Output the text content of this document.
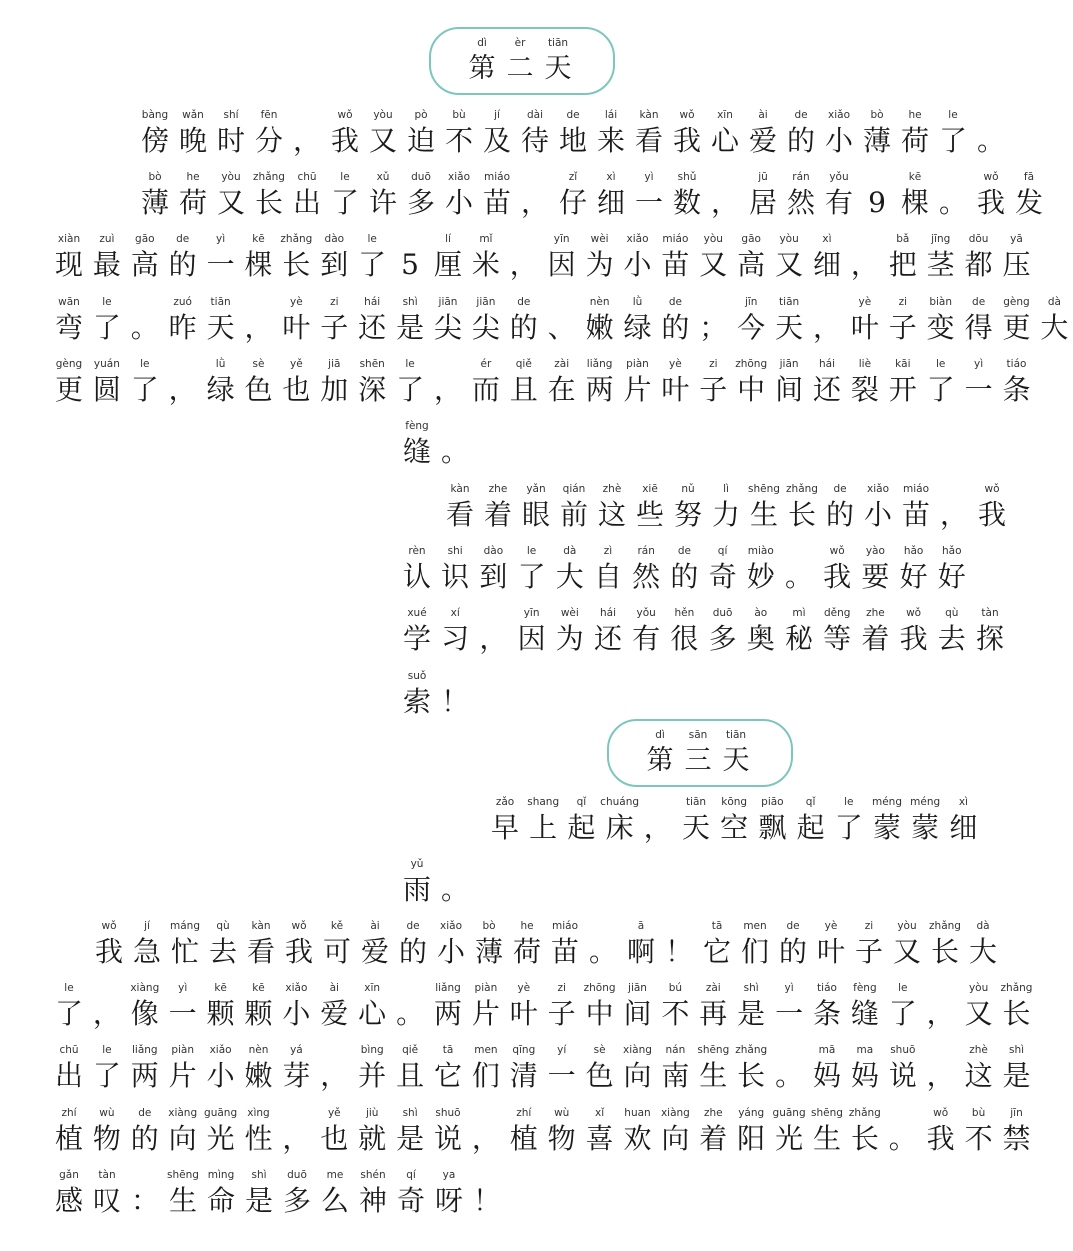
dì
第
èr
二
tiān
天
bàng
傍
wǎn
晚
shí
时
fēn
分 ，
wǒ
我
yòu
又
pò
迫
bù
不
jí
及
dài
待
de
地
lái
来
kàn
看
wǒ
我
xīn
心
ài
爱
de
的
xiǎo
小
bò
薄
he
荷
le
了 。
bò
薄
he
荷
yòu
又
zhǎng
长
chū
出
le
了
xǔ
许
duō
多
xiǎo
小
miáo
苗 ，
zǐ
仔
xì
细
yì
一
shǔ
数 ，
jū
居
rán
然
yǒu
有 9
kē
棵 。
wǒ
我
fā
发
xiàn
现
zuì
最
gāo
高
de
的
yì
一
kē
棵
zhǎng
长
dào
到
le
了 5
lí
厘
mǐ
米 ，
yīn
因
wèi
为
xiǎo
小
miáo
苗
yòu
又
gāo
高
yòu
又
xì
细 ，
bǎ
把
jīng
茎
dōu
都
yā
压
wān
弯
le
了 。
zuó
昨
tiān
天 ，
yè
叶
zi
子
hái
还
shì
是
jiān
尖
jiān
尖
de
的 、
nèn
嫩
lǜ
绿
de
的 ；
jīn
今
tiān
天 ，
yè
叶
zi
子
biàn
变
de
得
gèng
更
dà
大
gèng
更
yuán
圆
le
了 ，
lǜ
绿
sè
色
yě
也
jiā
加
shēn
深
le
了 ，
ér
而
qiě
且
zài
在
liǎng
两
piàn
片
yè
叶
zi
子
zhōng
中
jiān
间
hái
还
liè
裂
kāi
开
le
了
yì
一
tiáo
条
fèng
缝 。
kàn
看
zhe
着
yǎn
眼
qián
前
zhè
这
xiē
些
nǔ
努
lì
力
shēng
生
zhǎng
长
de
的
xiǎo
小
miáo
苗 ，
wǒ
我
rèn
认
shi
识
dào
到
le
了
dà
大
zì
自
rán
然
de
的
qí
奇
miào
妙 。
wǒ
我
yào
要
hǎo
好
hǎo
好
xué
学
xí
习 ，
yīn
因
wèi
为
hái
还
yǒu
有
hěn
很
duō
多
ào
奥
mì
秘
děng
等
zhe
着
wǒ
我
qù
去
tàn
探
suǒ
索 ！
dì
第
sān
三
tiān
天
zǎo
早
shang
上
qǐ
起
chuáng
床 ，
tiān
天
kōng
空
piāo
飘
qǐ
起
le
了
méng
蒙
méng
蒙
xì
细
yǔ
雨 。
wǒ
我
jí
急
máng
忙
qù
去
kàn
看
wǒ
我
kě
可
ài
爱
de
的
xiǎo
小
bò
薄
he
荷
miáo
苗 。
ā
啊 ！
tā
它
men
们
de
的
yè
叶
zi
子
yòu
又
zhǎng
长
dà
大
le
了 ，
xiàng
像
yì
一
kē
颗
kē
颗
xiǎo
小
ài
爱
xīn
心 。
liǎng
两
piàn
片
yè
叶
zi
子
zhōng
中
jiān
间
bú
不
zài
再
shì
是
yì
一
tiáo
条
fèng
缝
le
了 ，
yòu
又
zhǎng
长
chū
出
le
了
liǎng
两
piàn
片
xiǎo
小
nèn
嫩
yá
芽 ，
bìng
并
qiě
且
tā
它
men
们
qīng
清
yí
一
sè
色
xiàng
向
nán
南
shēng
生
zhǎng
长 。
mā
妈
ma
妈
shuō
说 ，
zhè
这
shì
是
zhí
植
wù
物
de
的
xiàng
向
guāng
光
xìng
性 ，
yě
也
jiù
就
shì
是
shuō
说 ，
zhí
植
wù
物
xǐ
喜
huan
欢
xiàng
向
zhe
着
yáng
阳
guāng
光
shēng
生
zhǎng
长 。
wǒ
我
bù
不
jīn
禁
gǎn
感
tàn
叹 ：
shēng
生
mìng
命
shì
是
duō
多
me
么
shén
神
qí
奇
ya
呀 ！
